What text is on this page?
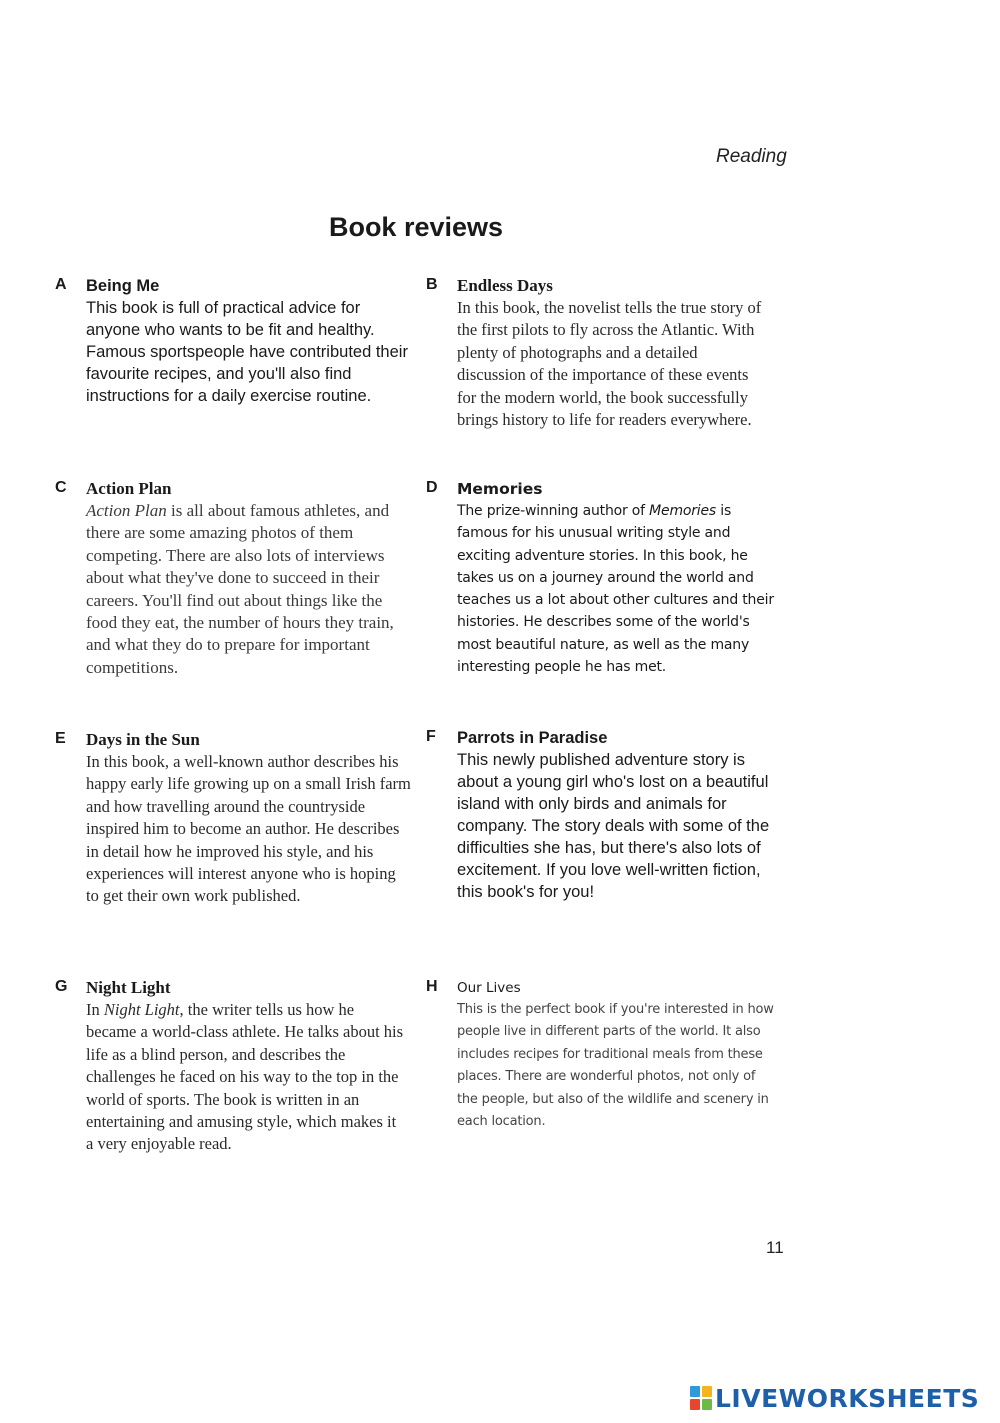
Reading
Book reviews
A Being Me

This book is full of practical advice for anyone who wants to be fit and healthy. Famous sportspeople have contributed their favourite recipes, and you'll also find instructions for a daily exercise routine.

B Endless Days

In this book, the novelist tells the true story of the first pilots to fly across the Atlantic. With plenty of photographs and a detailed discussion of the importance of these events for the modern world, the book successfully brings history to life for readers everywhere.

C Action Plan

Action Plan is all about famous athletes, and there are some amazing photos of them competing. There are also lots of interviews about what they've done to succeed in their careers. You'll find out about things like the food they eat, the number of hours they train, and what they do to prepare for important competitions.

D Memories

The prize-winning author of Memories is famous for his unusual writing style and exciting adventure stories. In this book, he takes us on a journey around the world and teaches us a lot about other cultures and their histories. He describes some of the world's most beautiful nature, as well as the many interesting people he has met.

E Days in the Sun

In this book, a well-known author describes his happy early life growing up on a small Irish farm and how travelling around the countryside inspired him to become an author. He describes in detail how he improved his style, and his experiences will interest anyone who is hoping to get their own work published.

F Parrots in Paradise

This newly published adventure story is about a young girl who's lost on a beautiful island with only birds and animals for company. The story deals with some of the difficulties she has, but there's also lots of excitement. If you love well-written fiction, this book's for you!

G Night Light

In Night Light, the writer tells us how he became a world-class athlete. He talks about his life as a blind person, and describes the challenges he faced on his way to the top in the world of sports. The book is written in an entertaining and amusing style, which makes it a very enjoyable read.

H Our Lives

This is the perfect book if you're interested in how people live in different parts of the world. It also includes recipes for traditional meals from these places. There are wonderful photos, not only of the people, but also of the wildlife and scenery in each location.

11
LIVEWORKSHEETS
